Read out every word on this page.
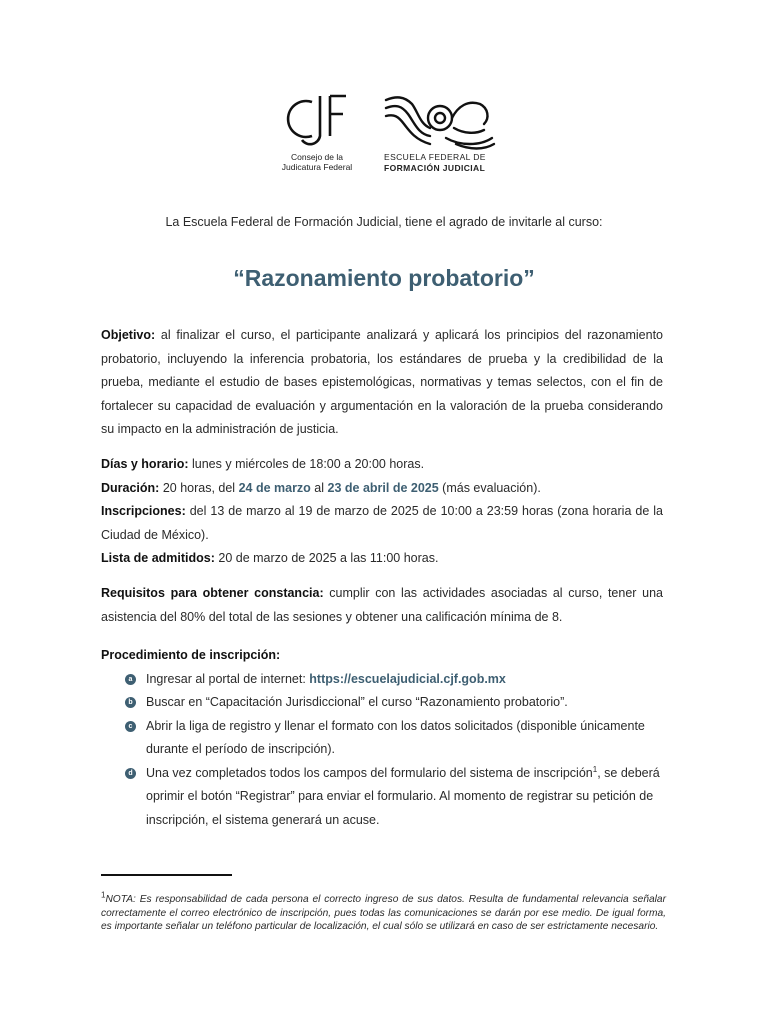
CJF
Consejo de la
Judicatura Federal
ESCUELA FEDERAL DE
FORMACIÓN JUDICIAL
La Escuela Federal de Formación Judicial, tiene el agrado de invitarle al curso:
“Razonamiento probatorio”
Objetivo: al finalizar el curso, el participante analizará y aplicará los principios del razonamiento probatorio, incluyendo la inferencia probatoria, los estándares de prueba y la credibilidad de la prueba, mediante el estudio de bases epistemológicas, normativas y temas selectos, con el fin de fortalecer su capacidad de evaluación y argumentación en la valoración de la prueba considerando su impacto en la administración de justicia.
Días y horario: lunes y miércoles de 18:00 a 20:00 horas.
Duración: 20 horas, del 24 de marzo al 23 de abril de 2025 (más evaluación).
Inscripciones: del 13 de marzo al 19 de marzo de 2025 de 10:00 a 23:59 horas (zona horaria de la Ciudad de México).
Lista de admitidos: 20 de marzo de 2025 a las 11:00 horas.
Requisitos para obtener constancia: cumplir con las actividades asociadas al curso, tener una asistencia del 80% del total de las sesiones y obtener una calificación mínima de 8.
Procedimiento de inscripción:
a Ingresar al portal de internet: https://escuelajudicial.cjf.gob.mx
b Buscar en “Capacitación Jurisdiccional” el curso “Razonamiento probatorio”.
c Abrir la liga de registro y llenar el formato con los datos solicitados (disponible únicamente durante el período de inscripción).
d Una vez completados todos los campos del formulario del sistema de inscripción$^1$, se deberá oprimir el botón “Registrar” para enviar el formulario. Al momento de registrar su petición de inscripción, el sistema generará un acuse.
$^1$NOTA: Es responsabilidad de cada persona el correcto ingreso de sus datos. Resulta de fundamental relevancia señalar correctamente el correo electrónico de inscripción, pues todas las comunicaciones se darán por ese medio. De igual forma, es importante señalar un teléfono particular de localización, el cual sólo se utilizará en caso de ser estrictamente necesario.
